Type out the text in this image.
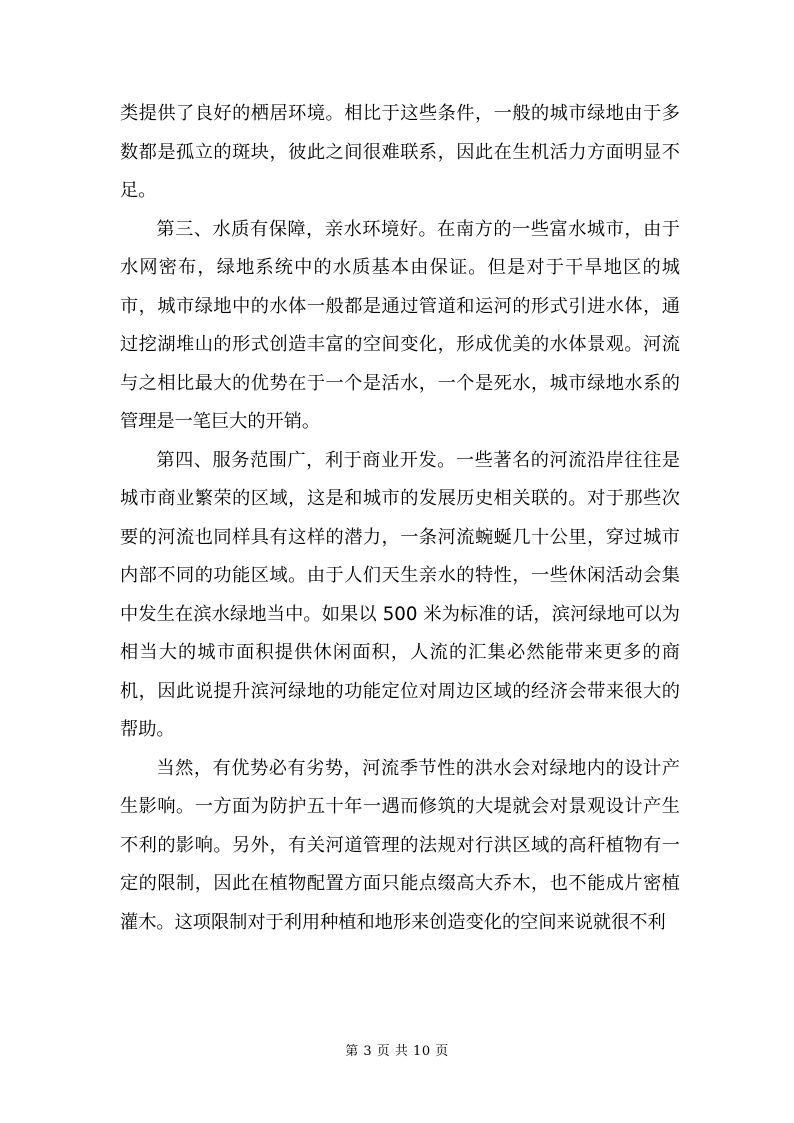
类提供了良好的栖居环境。相比于这些条件，一般的城市绿地由于多数都是孤立的斑块，彼此之间很难联系，因此在生机活力方面明显不足。

第三、水质有保障，亲水环境好。在南方的一些富水城市，由于水网密布，绿地系统中的水质基本由保证。但是对于干旱地区的城市，城市绿地中的水体一般都是通过管道和运河的形式引进水体，通过挖湖堆山的形式创造丰富的空间变化，形成优美的水体景观。河流与之相比最大的优势在于一个是活水，一个是死水，城市绿地水系的管理是一笔巨大的开销。

第四、服务范围广，利于商业开发。一些著名的河流沿岸往往是城市商业繁荣的区域，这是和城市的发展历史相关联的。对于那些次要的河流也同样具有这样的潜力，一条河流蜿蜒几十公里，穿过城市内部不同的功能区域。由于人们天生亲水的特性，一些休闲活动会集中发生在滨水绿地当中。如果以 500 米为标准的话，滨河绿地可以为相当大的城市面积提供休闲面积，人流的汇集必然能带来更多的商机，因此说提升滨河绿地的功能定位对周边区域的经济会带来很大的帮助。

当然，有优势必有劣势，河流季节性的洪水会对绿地内的设计产生影响。一方面为防护五十年一遇而修筑的大堤就会对景观设计产生不利的影响。另外，有关河道管理的法规对行洪区域的高秆植物有一定的限制，因此在植物配置方面只能点缀高大乔木，也不能成片密植灌木。这项限制对于利用种植和地形来创造变化的空间来说就很不利

第 3 页 共 10 页
